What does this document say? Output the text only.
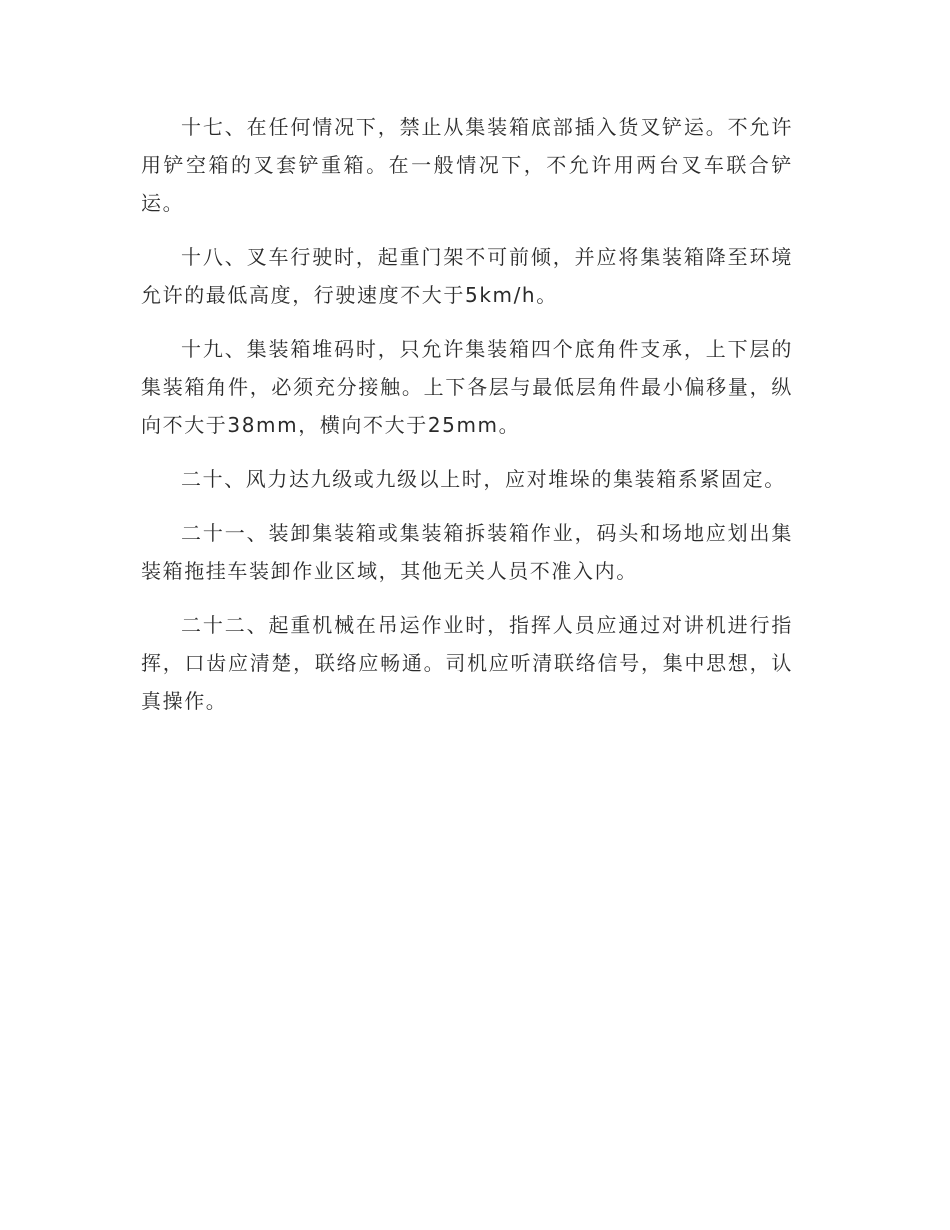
十七、在任何情况下，禁止从集装箱底部插入货叉铲运。不允许用铲空箱的叉套铲重箱。在一般情况下，不允许用两台叉车联合铲运。

十八、叉车行驶时，起重门架不可前倾，并应将集装箱降至环境允许的最低高度，行驶速度不大于5km/h。

十九、集装箱堆码时，只允许集装箱四个底角件支承，上下层的集装箱角件，必须充分接触。上下各层与最低层角件最小偏移量，纵向不大于38mm，横向不大于25mm。

二十、风力达九级或九级以上时，应对堆垛的集装箱系紧固定。

二十一、装卸集装箱或集装箱拆装箱作业，码头和场地应划出集装箱拖挂车装卸作业区域，其他无关人员不准入内。

二十二、起重机械在吊运作业时，指挥人员应通过对讲机进行指挥，口齿应清楚，联络应畅通。司机应听清联络信号，集中思想，认真操作。
